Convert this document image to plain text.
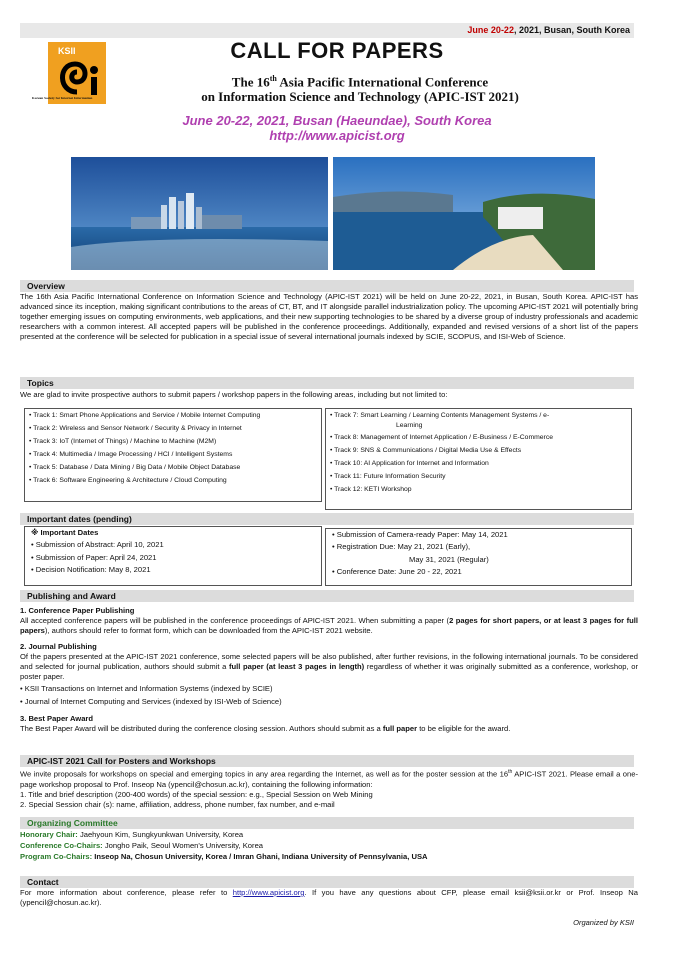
June 20-22, 2021, Busan, South Korea
KSII
Korean Society for Internet Information
CALL FOR PAPERS
The 16th Asia Pacific International Conference
on Information Science and Technology (APIC-IST 2021)
June 20-22, 2021, Busan (Haeundae), South Korea
http://www.apicist.org
Overview
The 16th Asia Pacific International Conference on Information Science and Technology (APIC-IST 2021) will be held on June 20-22, 2021, in Busan, South Korea. APIC-IST has advanced since its inception, making significant contributions to the areas of CT, BT, and IT alongside parallel industrialization policy. The upcoming APIC-IST 2021 will potentially bring together emerging issues on computing environments, web applications, and their new supporting technologies to be shared by a diverse group of industry professionals and academic researchers with a common interest. All accepted papers will be published in the conference proceedings. Additionally, expanded and revised versions of a short list of the papers presented at the conference will be selected for publication in a special issue of several international journals indexed by SCIE, SCOPUS, and ISI-Web of Science.
Topics
We are glad to invite prospective authors to submit papers / workshop papers in the following areas, including but not limited to:
• Track 1: Smart Phone Applications and Service / Mobile Internet Computing
• Track 2: Wireless and Sensor Network / Security & Privacy in Internet
• Track 3: IoT (Internet of Things) / Machine to Machine (M2M)
• Track 4: Multimedia / Image Processing / HCI / Intelligent Systems
• Track 5: Database / Data Mining / Big Data / Mobile Object Database
• Track 6: Software Engineering & Architecture / Cloud Computing
• Track 7: Smart Learning / Learning Contents Management Systems / e-
Learning
• Track 8: Management of Internet Application / E-Business / E-Commerce
• Track 9: SNS & Communications / Digital Media Use & Effects
• Track 10: AI Application for Internet and Information
• Track 11: Future Information Security
• Track 12: KETI Workshop
Important dates (pending)
※ Important Dates
• Submission of Abstract: April 10, 2021
• Submission of Paper: April 24, 2021
• Decision Notification: May 8, 2021
• Submission of Camera-ready Paper: May 14, 2021
• Registration Due: May 21, 2021 (Early),
May 31, 2021 (Regular)
• Conference Date: June 20 - 22, 2021
Publishing and Award
1. Conference Paper Publishing
All accepted conference papers will be published in the conference proceedings of APIC-IST 2021. When submitting a paper (2 pages for short papers, or at least 3 pages for full papers), authors should refer to format form, which can be downloaded from the APIC-IST 2021 website.
2. Journal Publishing
Of the papers presented at the APIC-IST 2021 conference, some selected papers will be also published, after further revisions, in the following international journals. To be considered and selected for journal publication, authors should submit a full paper (at least 3 pages in length) regardless of whether it was originally submitted as a conference, workshop, or poster paper.
• KSII Transactions on Internet and Information Systems (indexed by SCIE)
• Journal of Internet Computing and Services (indexed by ISI-Web of Science)
3. Best Paper Award
The Best Paper Award will be distributed during the conference closing session. Authors should submit as a full paper to be eligible for the award.
APIC-IST 2021 Call for Posters and Workshops
We invite proposals for workshops on special and emerging topics in any area regarding the Internet, as well as for the poster session at the 16th APIC-IST 2021. Please email a one-page workshop proposal to Prof. Inseop Na (ypencil@chosun.ac.kr), containing the following information:
1. Title and brief description (200-400 words) of the special session: e.g., Special Session on Web Mining
2. Special Session chair (s): name, affiliation, address, phone number, fax number, and e-mail
Organizing Committee
Honorary Chair: Jaehyoun Kim, Sungkyunkwan University, Korea
Conference Co-Chairs: Jongho Paik, Seoul Women's University, Korea
Program Co-Chairs: Inseop Na, Chosun University, Korea / Imran Ghani, Indiana University of Pennsylvania, USA
Contact
For more information about conference, please refer to http://www.apicist.org. If you have any questions about CFP, please email ksii@ksii.or.kr or Prof. Inseop Na (ypencil@chosun.ac.kr).
Organized by KSII
